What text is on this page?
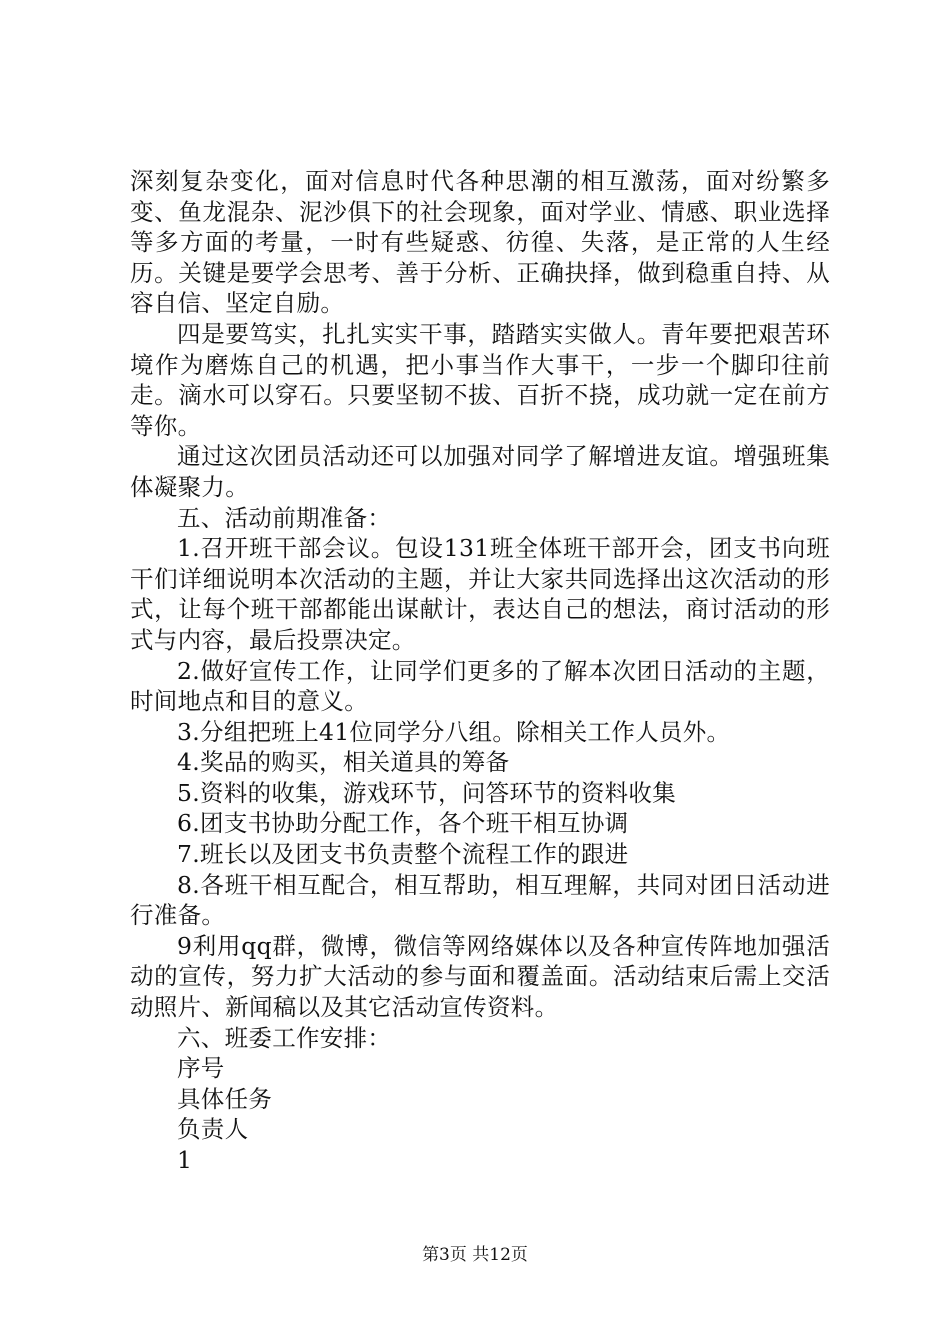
深刻复杂变化，面对信息时代各种思潮的相互激荡，面对纷繁多变、鱼龙混杂、泥沙俱下的社会现象，面对学业、情感、职业选择等多方面的考量，一时有些疑惑、彷徨、失落，是正常的人生经历。关键是要学会思考、善于分析、正确抉择，做到稳重自持、从容自信、坚定自励。

四是要笃实，扎扎实实干事，踏踏实实做人。青年要把艰苦环境作为磨炼自己的机遇，把小事当作大事干，一步一个脚印往前走。滴水可以穿石。只要坚韧不拔、百折不挠，成功就一定在前方等你。

通过这次团员活动还可以加强对同学了解增进友谊。增强班集体凝聚力。

五、活动前期准备：

1.召开班干部会议。包设131班全体班干部开会，团支书向班干们详细说明本次活动的主题，并让大家共同选择出这次活动的形式，让每个班干部都能出谋献计，表达自己的想法，商讨活动的形式与内容，最后投票决定。

2.做好宣传工作，让同学们更多的了解本次团日活动的主题，时间地点和目的意义。

3.分组把班上41位同学分八组。除相关工作人员外。

4.奖品的购买，相关道具的筹备

5.资料的收集，游戏环节，问答环节的资料收集

6.团支书协助分配工作，各个班干相互协调

7.班长以及团支书负责整个流程工作的跟进

8.各班干相互配合，相互帮助，相互理解，共同对团日活动进行准备。

9利用qq群，微博，微信等网络媒体以及各种宣传阵地加强活动的宣传，努力扩大活动的参与面和覆盖面。活动结束后需上交活动照片、新闻稿以及其它活动宣传资料。

六、班委工作安排：

序号

具体任务

负责人

1

第3页 共12页
